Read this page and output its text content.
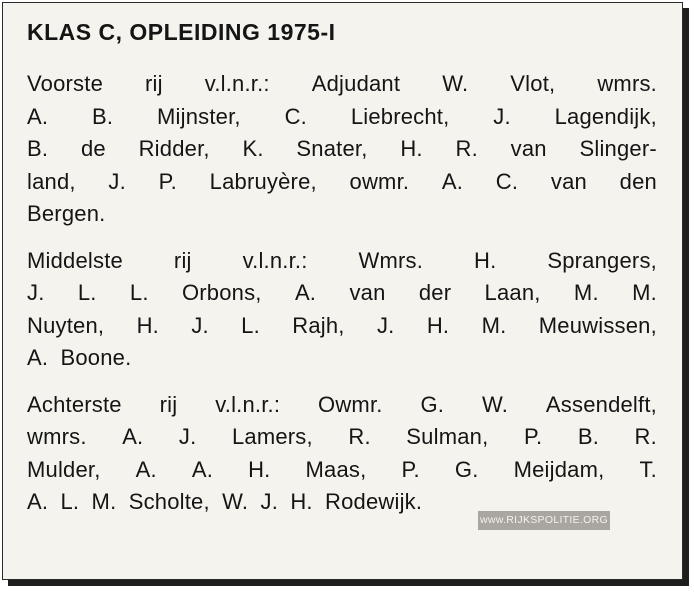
KLAS C, OPLEIDING 1975-I
Voorste rij v.l.n.r.: Adjudant W. Vlot, wmrs.
A. B. Mijnster, C. Liebrecht, J. Lagendijk,
B. de Ridder, K. Snater, H. R. van Slinger-
land, J. P. Labruyère, owmr. A. C. van den
Bergen.
Middelste rij v.l.n.r.: Wmrs. H. Sprangers,
J. L. L. Orbons, A. van der Laan, M. M.
Nuyten, H. J. L. Rajh, J. H. M. Meuwissen,
A. Boone.
Achterste rij v.l.n.r.: Owmr. G. W. Assendelft,
wmrs. A. J. Lamers, R. Sulman, P. B. R.
Mulder, A. A. H. Maas, P. G. Meijdam, T.
A. L. M. Scholte, W. J. H. Rodewijk.
www.RIJKSPOLITIE.ORG
